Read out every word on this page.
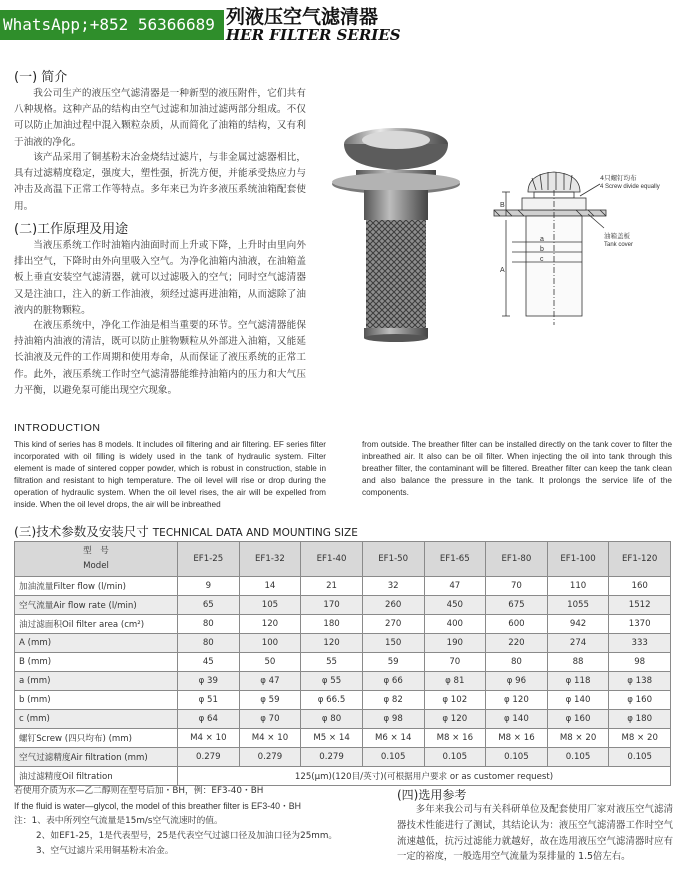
WhatsApp;+852 56366689 列液压空气滤清器
HER FILTER SERIES
(一) 简介
我公司生产的液压空气滤清器是一种新型的液压附件，它们共有八种规格。这种产品的结构由空气过滤和加油过滤两部分组成。不仅可以防止加油过程中混入颗粒杂质，从而简化了油箱的结构，又有利于油液的净化。
该产品采用了铜基粉末冶金烧结过滤片，与非金属过滤器相比，具有过滤精度稳定，强度大，塑性强，折洗方便，并能承受热应力与冲击及高温下正常工作等特点。多年来已为许多液压系统油箱配套使用。
(二)工作原理及用途
当液压系统工作时油箱内油面时而上升或下降，上升时由里向外排出空气，下降时由外向里吸入空气。为净化油箱内油液，在油箱盖板上垂直安装空气滤清器，就可以过滤吸入的空气；同时空气滤清器又是注油口，注入的新工作油液，须经过滤再进油箱，从而滤除了油液内的脏物颗粒。
在液压系统中，净化工作油是相当重要的环节。空气滤清器能保持油箱内油液的清洁，既可以防止脏物颗粒从外部进入油箱，又能延长油液及元件的工作周期和使用寿命，从而保证了液压系统的正常工作。此外，液压系统工作时空气滤清器能维持油箱内的压力和大气压力平衡，以避免泵可能出现空穴现象。
B
A
a
b
c
4只螺钉均布
4 Screw divide equally
油箱盖板
Tank cover
INTRODUCTION
This kind of series has 8 models. It includes oil filtering and air filtering. EF series filter incorporated with oil filling is widely used in the tank of hydraulic system. Filter element is made of sintered copper powder, which is robust in construction, stable in filtration and resistant to high temperature. The oil level will rise or drop during the operation of hydraulic system. When the oil level rises, the air will be expelled from inside. When the oil level drops, the air will be inbreathed
from outside. The breather filter can be installed directly on the tank cover to filter the inbreathed air. It also can be oil filter. When injecting the oil into tank through this breather filter, the contaminant will be filtered. Breather filter can keep the tank clean and also balance the pressure in the tank. It prolongs the service life of the components.
(三)技术参数及安装尺寸 TECHNICAL DATA AND MOUNTING SIZE
型　号
Model	EF1-25	EF1-32	EF1-40	EF1-50	EF1-65	EF1-80	EF1-100	EF1-120
加油流量Filter flow (l/min)	9	14	21	32	47	70	110	160
空气流量Air flow rate (l/min)	65	105	170	260	450	675	1055	1512
油过滤面积Oil filter area (cm²)	80	120	180	270	400	600	942	1370
A (mm)	80	100	120	150	190	220	274	333
B (mm)	45	50	55	59	70	80	88	98
a (mm)	φ 39	φ 47	φ 55	φ 66	φ 81	φ 96	φ 118	φ 138
b (mm)	φ 51	φ 59	φ 66.5	φ 82	φ 102	φ 120	φ 140	φ 160
c (mm)	φ 64	φ 70	φ 80	φ 98	φ 120	φ 140	φ 160	φ 180
螺钉Screw (四只均布) (mm)	M4 × 10	M4 × 10	M5 × 14	M6 × 14	M8 × 16	M8 × 16	M8 × 20	M8 × 20
空气过滤精度Air filtration (mm)	0.279	0.279	0.279	0.105	0.105	0.105	0.105	0.105
油过滤精度Oil filtration	125(μm)(120目/英寸)(可根据用户要求 or as customer request)							
若使用介质为水—乙二醇则在型号后加・BH，例：EF3-40・BH
If the fluid is water—glycol, the model of this breather filter is EF3-40・BH
注：1、表中所列空气流量是15m/s空气流速时的值。
2、如EF1-25，1是代表型号，25是代表空气过滤口径及加油口径为25mm。
3、空气过滤片采用铜基粉末冶金。
(四)选用参考
多年来我公司与有关科研单位及配套使用厂家对液压空气滤清器技术性能进行了测试，其结论认为：液压空气滤清器工作时空气流速越低，抗污过滤能力就越好，故在选用液压空气滤清器时应有一定的裕度，一般选用空气流量为泵排量的 1.5倍左右。
